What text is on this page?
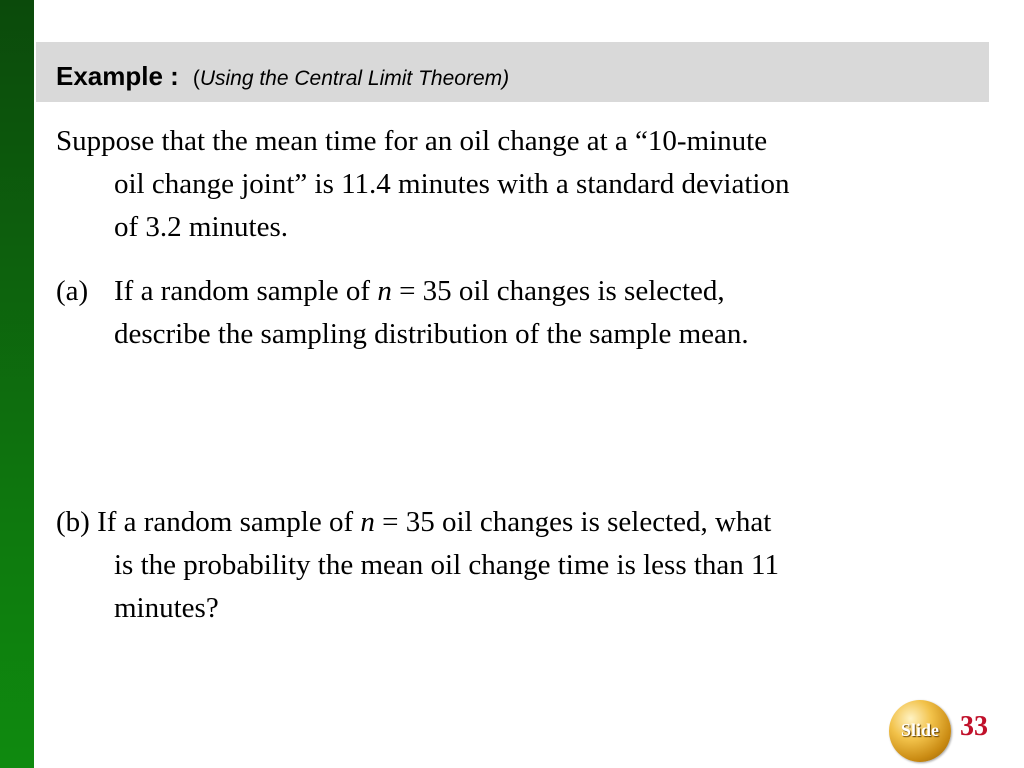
Example : (Using the Central Limit Theorem)
Suppose that the mean time for an oil change at a “10-minute
oil change joint” is 11.4 minutes with a standard deviation
of 3.2 minutes.
(a) If a random sample of n = 35 oil changes is selected,
describe the sampling distribution of the sample mean.
(b) If a random sample of n = 35 oil changes is selected, what
is the probability the mean oil change time is less than 11
minutes?
Slide 33
